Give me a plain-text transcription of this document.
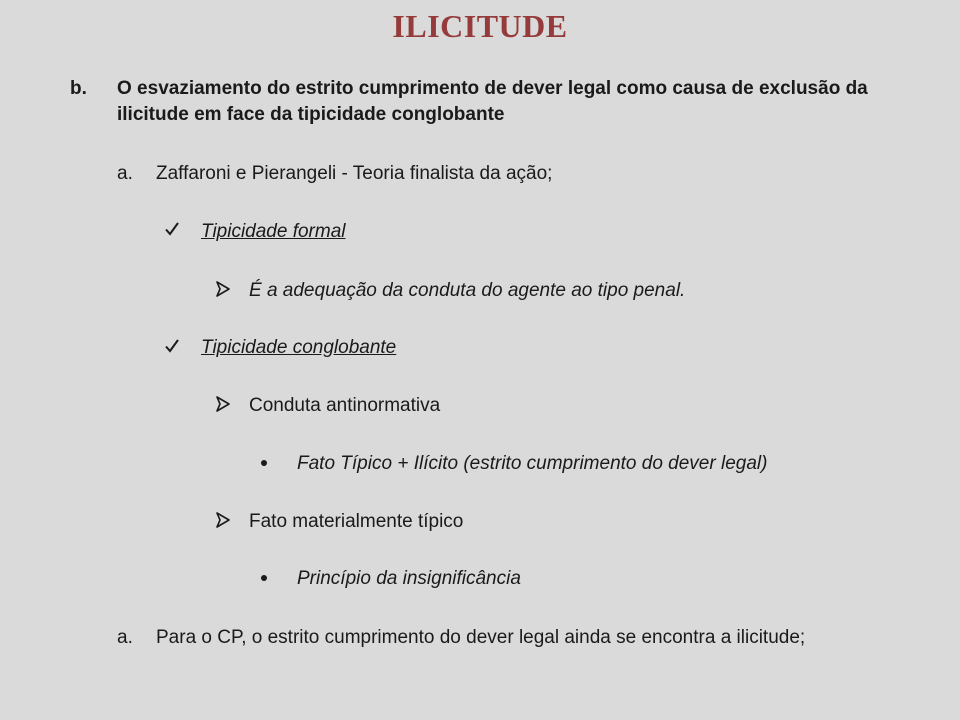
ILICITUDE
b. O esvaziamento do estrito cumprimento de dever legal como causa de exclusão da
ilicitude em face da tipicidade conglobante
a. Zaffaroni e Pierangeli - Teoria finalista da ação;
Tipicidade formal
É a adequação da conduta do agente ao tipo penal.
Tipicidade conglobante
Conduta antinormativa
Fato Típico + Ilícito (estrito cumprimento do dever legal)
Fato materialmente típico
Princípio da insignificância
a. Para o CP, o estrito cumprimento do dever legal ainda se encontra a ilicitude;
